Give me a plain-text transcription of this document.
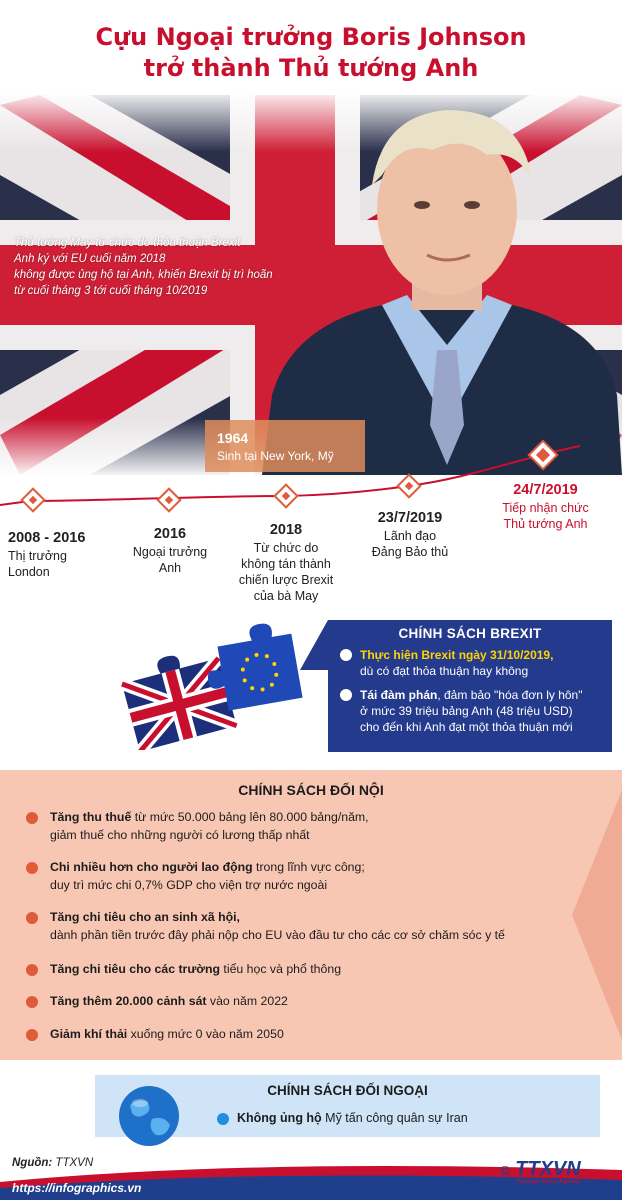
Cựu Ngoại trưởng Boris Johnson
trở thành Thủ tướng Anh
Thủ tướng May từ chức do thỏa thuận Brexit
Anh ký với EU cuối năm 2018
không được ủng hộ tại Anh, khiến Brexit bị trì hoãn
từ cuối tháng 3 tới cuối tháng 10/2019
1964
Sinh tại New York, Mỹ
2008 - 2016
Thị trưởng
London
2016
Ngoại trưởng
Anh
2018
Từ chức do
không tán thành
chiến lược Brexit
của bà May
23/7/2019
Lãnh đạo
Đảng Bảo thủ
24/7/2019
Tiếp nhận chức
Thủ tướng Anh
CHÍNH SÁCH BREXIT
Thực hiện Brexit ngày 31/10/2019,
dù có đạt thỏa thuận hay không
Tái đàm phán, đảm bảo "hóa đơn ly hôn"
ở mức 39 triệu bảng Anh (48 triệu USD)
cho đến khi Anh đạt một thỏa thuận mới
CHÍNH SÁCH ĐỐI NỘI
Tăng thu thuế từ mức 50.000 bảng lên 80.000 bảng/năm,
giảm thuế cho những người có lương thấp nhất
Chi nhiều hơn cho người lao động trong lĩnh vực công;
duy trì mức chi 0,7% GDP cho viện trợ nước ngoài
Tăng chi tiêu cho an sinh xã hội,
dành phần tiền trước đây phải nộp cho EU vào đầu tư cho các cơ sở chăm sóc y tế
Tăng chi tiêu cho các trường tiểu học và phổ thông
Tăng thêm 20.000 cảnh sát vào năm 2022
Giảm khí thải xuống mức 0 vào năm 2050
CHÍNH SÁCH ĐỐI NGOẠI
Không ủng hộ Mỹ tấn công quân sự Iran
Nguồn: TTXVN
https://infographics.vn
© TTXVN
Vietnam News Agency
